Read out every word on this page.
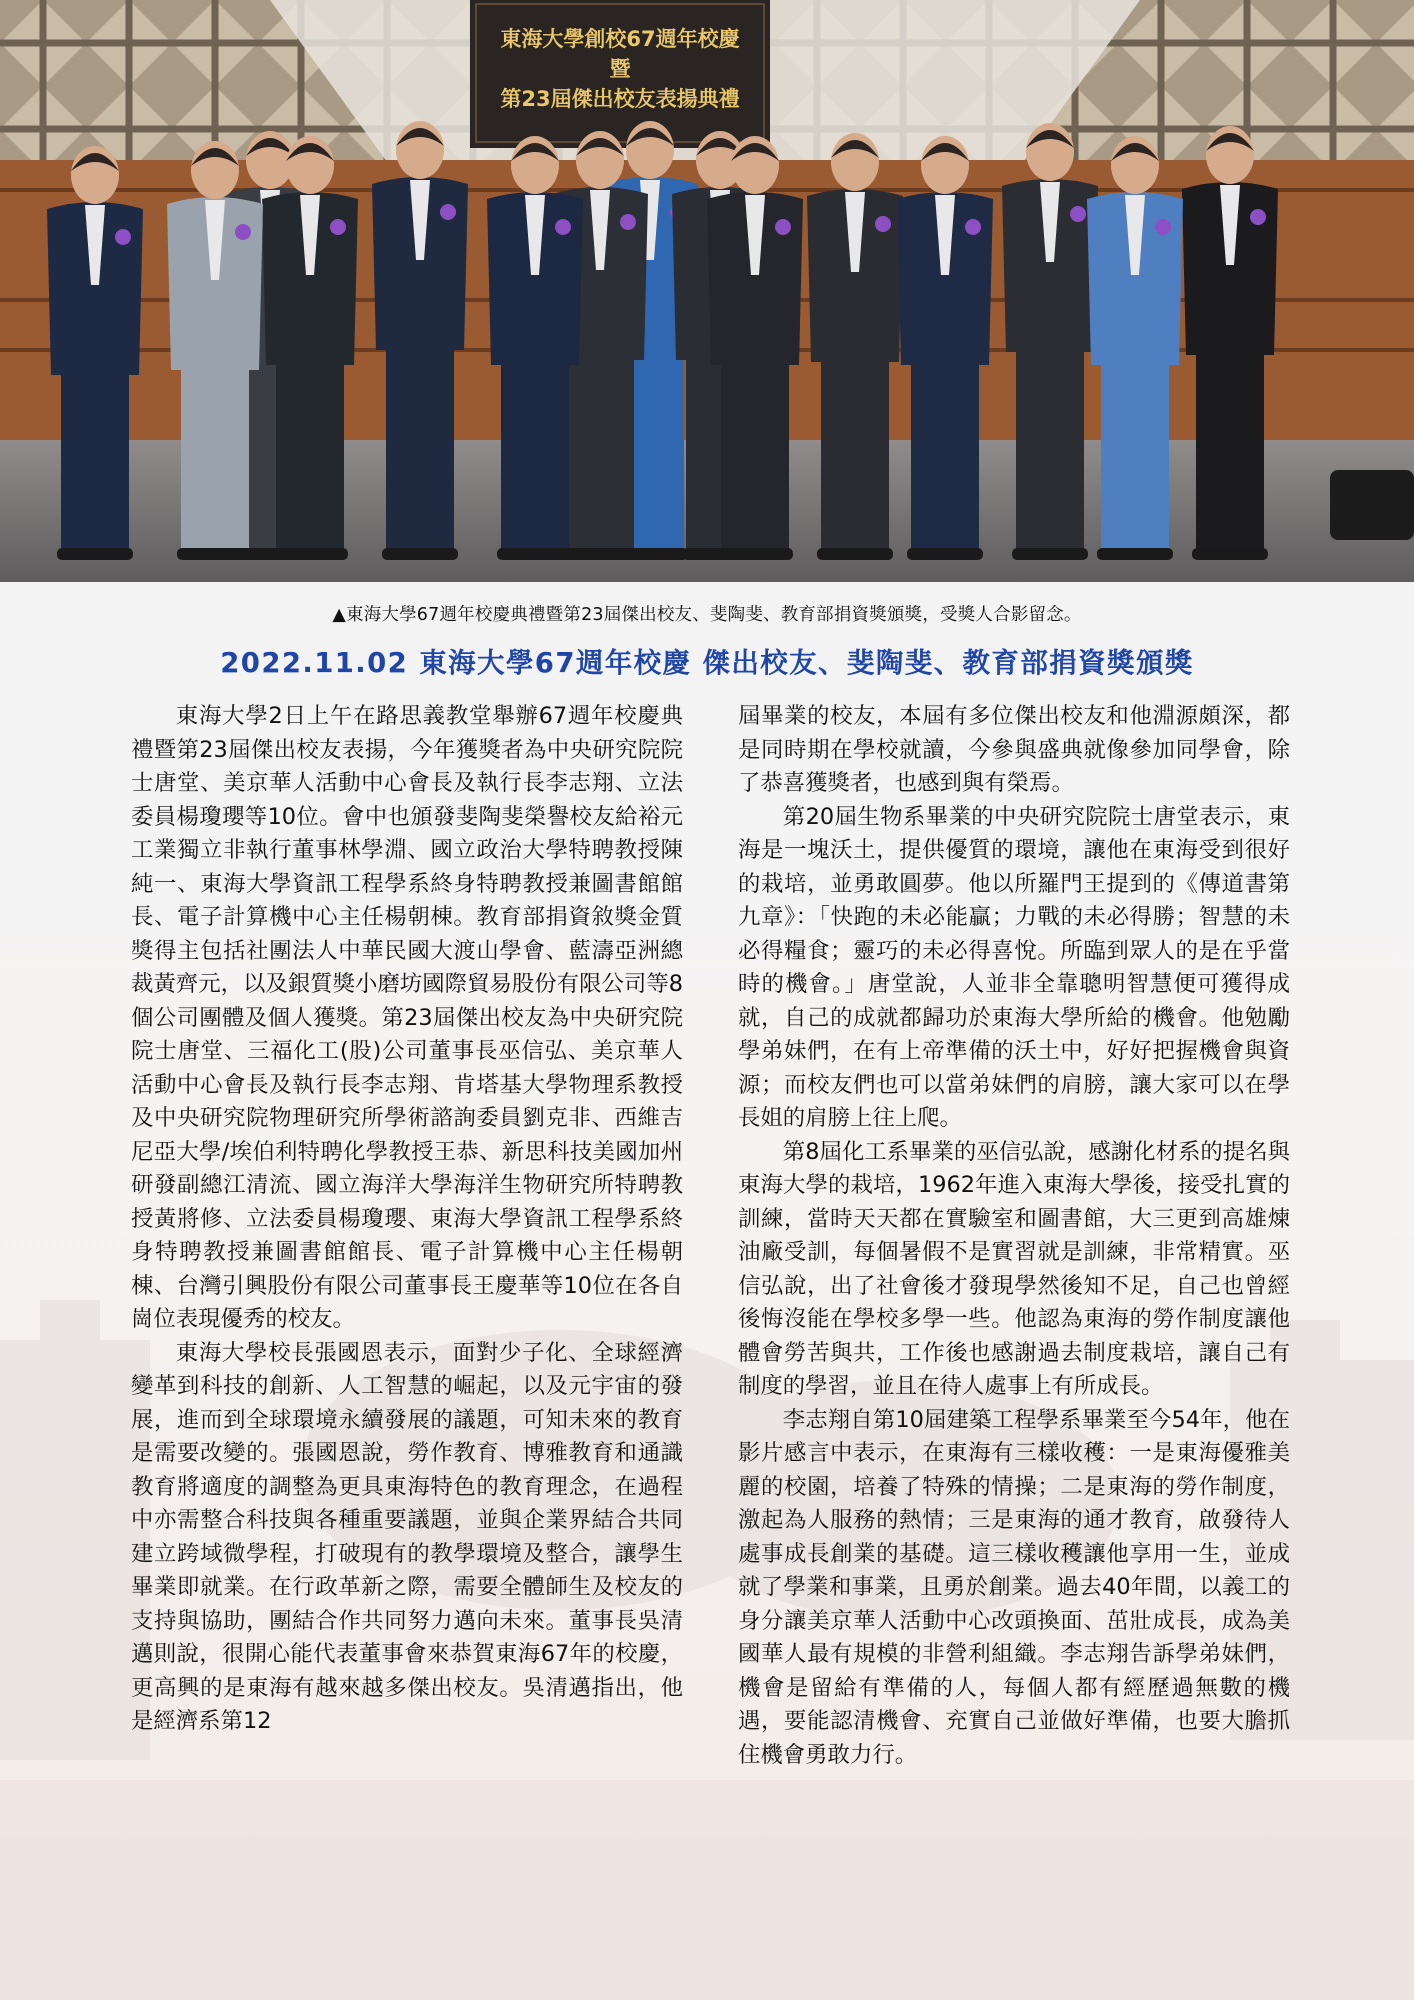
東海大學創校67週年校慶
暨
第23屆傑出校友表揚典禮
▲東海大學67週年校慶典禮暨第23屆傑出校友、斐陶斐、教育部捐資獎頒獎，受獎人合影留念。
2022.11.02 東海大學67週年校慶 傑出校友、斐陶斐、教育部捐資獎頒獎

東海大學2日上午在路思義教堂舉辦67週年校慶典禮暨第23屆傑出校友表揚，今年獲獎者為中央研究院院士唐堂、美京華人活動中心會長及執行長李志翔、立法委員楊瓊瓔等10位。會中也頒發斐陶斐榮譽校友給裕元工業獨立非執行董事林學淵、國立政治大學特聘教授陳純一、東海大學資訊工程學系終身特聘教授兼圖書館館長、電子計算機中心主任楊朝棟。教育部捐資敘獎金質獎得主包括社團法人中華民國大渡山學會、藍濤亞洲總裁黃齊元，以及銀質獎小磨坊國際貿易股份有限公司等8個公司團體及個人獲獎。第23屆傑出校友為中央研究院院士唐堂、三福化工(股)公司董事長巫信弘、美京華人活動中心會長及執行長李志翔、肯塔基大學物理系教授及中央研究院物理研究所學術諮詢委員劉克非、西維吉尼亞大學/埃伯利特聘化學教授王恭、新思科技美國加州研發副總江清流、國立海洋大學海洋生物研究所特聘教授黃將修、立法委員楊瓊瓔、東海大學資訊工程學系終身特聘教授兼圖書館館長、電子計算機中心主任楊朝棟、台灣引興股份有限公司董事長王慶華等10位在各自崗位表現優秀的校友。

東海大學校長張國恩表示，面對少子化、全球經濟變革到科技的創新、人工智慧的崛起，以及元宇宙的發展，進而到全球環境永續發展的議題，可知未來的教育是需要改變的。張國恩說，勞作教育、博雅教育和通識教育將適度的調整為更具東海特色的教育理念，在過程中亦需整合科技與各種重要議題，並與企業界結合共同建立跨域微學程，打破現有的教學環境及整合，讓學生畢業即就業。在行政革新之際，需要全體師生及校友的支持與協助，團結合作共同努力邁向未來。董事長吳清邁則說，很開心能代表董事會來恭賀東海67年的校慶，更高興的是東海有越來越多傑出校友。吳清邁指出，他是經濟系第12

屆畢業的校友，本屆有多位傑出校友和他淵源頗深，都是同時期在學校就讀，今參與盛典就像參加同學會，除了恭喜獲獎者，也感到與有榮焉。

第20屆生物系畢業的中央研究院院士唐堂表示，東海是一塊沃土，提供優質的環境，讓他在東海受到很好的栽培，並勇敢圓夢。他以所羅門王提到的《傳道書第九章》：「快跑的未必能贏；力戰的未必得勝；智慧的未必得糧食；靈巧的未必得喜悅。所臨到眾人的是在乎當時的機會。」唐堂說，人並非全靠聰明智慧便可獲得成就，自己的成就都歸功於東海大學所給的機會。他勉勵學弟妹們，在有上帝準備的沃土中，好好把握機會與資源；而校友們也可以當弟妹們的肩膀，讓大家可以在學長姐的肩膀上往上爬。

第8屆化工系畢業的巫信弘說，感謝化材系的提名與東海大學的栽培，1962年進入東海大學後，接受扎實的訓練，當時天天都在實驗室和圖書館，大三更到高雄煉油廠受訓，每個暑假不是實習就是訓練，非常精實。巫信弘說，出了社會後才發現學然後知不足，自己也曾經後悔沒能在學校多學一些。他認為東海的勞作制度讓他體會勞苦與共，工作後也感謝過去制度栽培，讓自己有制度的學習，並且在待人處事上有所成長。

李志翔自第10屆建築工程學系畢業至今54年，他在影片感言中表示，在東海有三樣收穫：一是東海優雅美麗的校園，培養了特殊的情操；二是東海的勞作制度，激起為人服務的熱情；三是東海的通才教育，啟發待人處事成長創業的基礎。這三樣收穫讓他享用一生，並成就了學業和事業，且勇於創業。過去40年間，以義工的身分讓美京華人活動中心改頭換面、茁壯成長，成為美國華人最有規模的非營利組織。李志翔告訴學弟妹們，機會是留給有準備的人，每個人都有經歷過無數的機遇，要能認清機會、充實自己並做好準備，也要大膽抓住機會勇敢力行。
